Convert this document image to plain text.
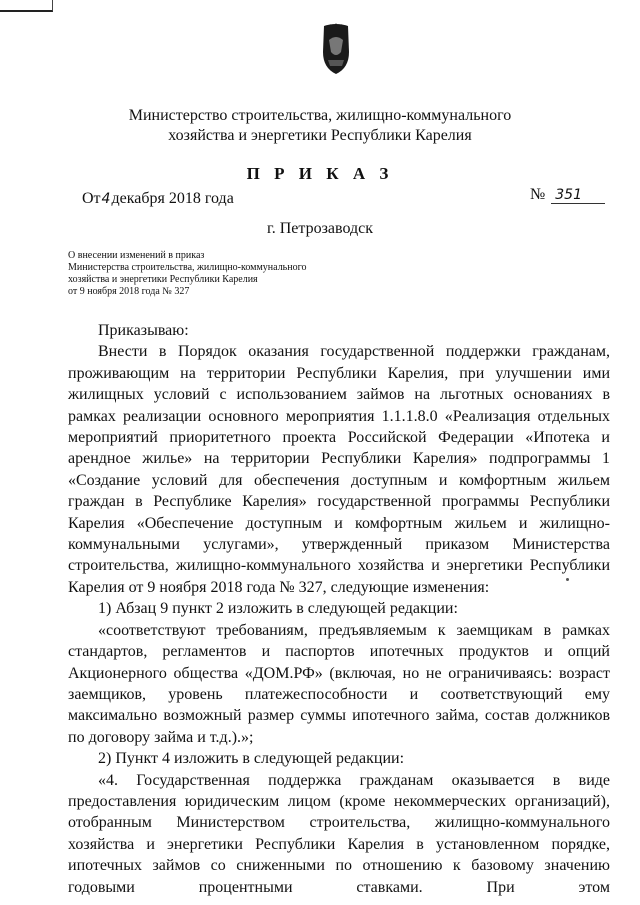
Министерство строительства, жилищно-коммунального
хозяйства и энергетики Республики Карелия
П Р И К А З
От4декабря 2018 года	№ 351
г. Петрозаводск
О внесении изменений в приказ
Министерства строительства, жилищно-коммунального
хозяйства и энергетики Республики Карелия
от 9 ноября 2018 года № 327

Приказываю:

Внести в Порядок оказания государственной поддержки гражданам, проживающим на территории Республики Карелия, при улучшении ими жилищных условий с использованием займов на льготных основаниях в рамках реализации основного мероприятия 1.1.1.8.0 «Реализация отдельных мероприятий приоритетного проекта Российской Федерации «Ипотека и арендное жилье» на территории Республики Карелия» подпрограммы 1 «Создание условий для обеспечения доступным и комфортным жильем граждан в Республике Карелия» государственной программы Республики Карелия «Обеспечение доступным и комфортным жильем и жилищно-коммунальными услугами», утвержденный приказом Министерства строительства, жилищно-коммунального хозяйства и энергетики Республики Карелия от 9 ноября 2018 года № 327, следующие изменения:

1) Абзац 9 пункт 2 изложить в следующей редакции:

«соответствуют требованиям, предъявляемым к заемщикам в рамках стандартов, регламентов и паспортов ипотечных продуктов и опций Акционерного общества «ДОМ.РФ» (включая, но не ограничиваясь: возраст заемщиков, уровень платежеспособности и соответствующий ему максимально возможный размер суммы ипотечного займа, состав должников по договору займа и т.д.).»;

2) Пункт 4 изложить в следующей редакции:

«4. Государственная поддержка гражданам оказывается в виде предоставления юридическим лицом (кроме некоммерческих организаций), отобранным Министерством строительства, жилищно-коммунального хозяйства и энергетики Республики Карелия в установленном порядке, ипотечных займов со сниженными по отношению к базовому значению годовыми процентными ставками. При этом
